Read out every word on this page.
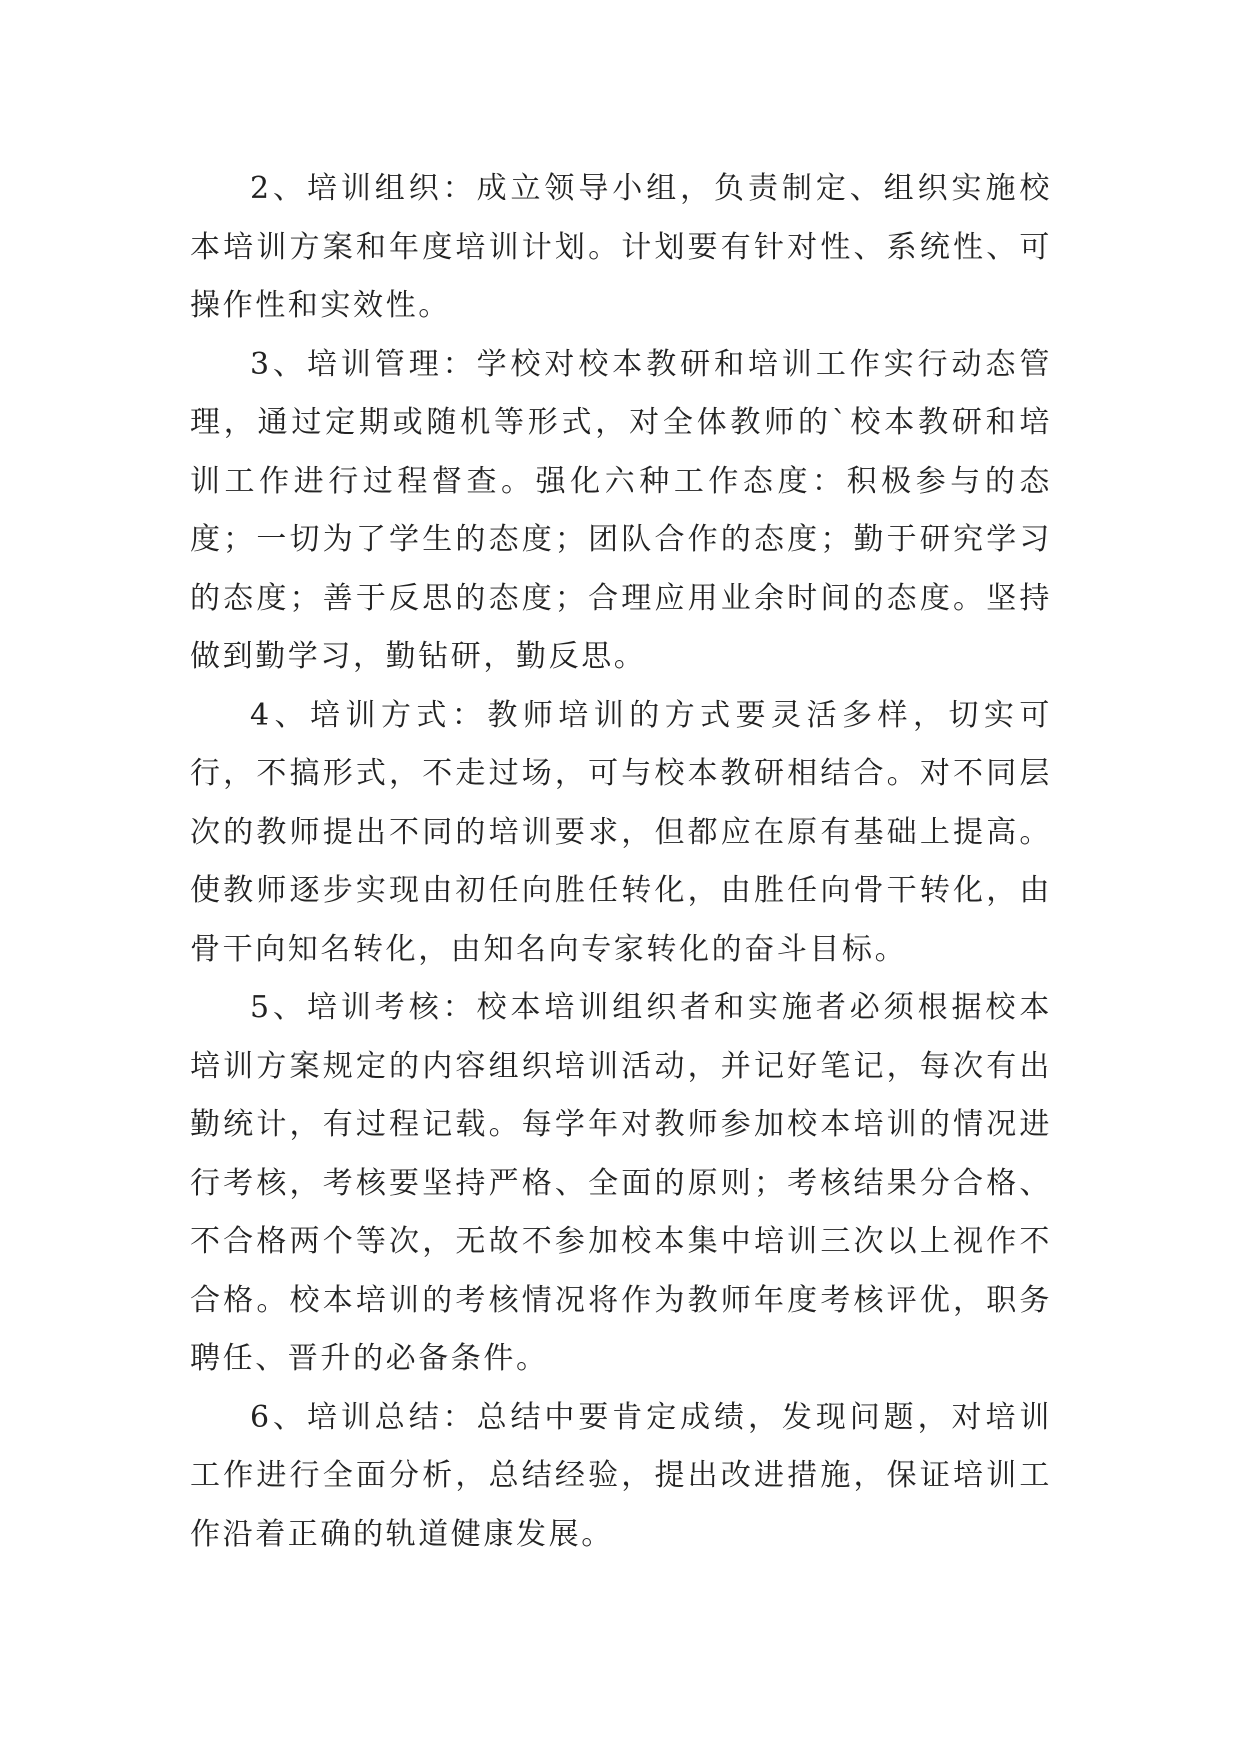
2、培训组织：成立领导小组，负责制定、组织实施校本培训方案和年度培训计划。计划要有针对性、系统性、可操作性和实效性。

3、培训管理：学校对校本教研和培训工作实行动态管理，通过定期或随机等形式，对全体教师的`校本教研和培训工作进行过程督查。强化六种工作态度：积极参与的态度；一切为了学生的态度；团队合作的态度；勤于研究学习的态度；善于反思的态度；合理应用业余时间的态度。坚持做到勤学习，勤钻研，勤反思。

4、培训方式：教师培训的方式要灵活多样，切实可行，不搞形式，不走过场，可与校本教研相结合。对不同层次的教师提出不同的培训要求，但都应在原有基础上提高。使教师逐步实现由初任向胜任转化，由胜任向骨干转化，由骨干向知名转化，由知名向专家转化的奋斗目标。

5、培训考核：校本培训组织者和实施者必须根据校本培训方案规定的内容组织培训活动，并记好笔记，每次有出勤统计，有过程记载。每学年对教师参加校本培训的情况进行考核，考核要坚持严格、全面的原则；考核结果分合格、不合格两个等次，无故不参加校本集中培训三次以上视作不合格。校本培训的考核情况将作为教师年度考核评优，职务聘任、晋升的必备条件。

6、培训总结：总结中要肯定成绩，发现问题，对培训工作进行全面分析，总结经验，提出改进措施，保证培训工作沿着正确的轨道健康发展。
